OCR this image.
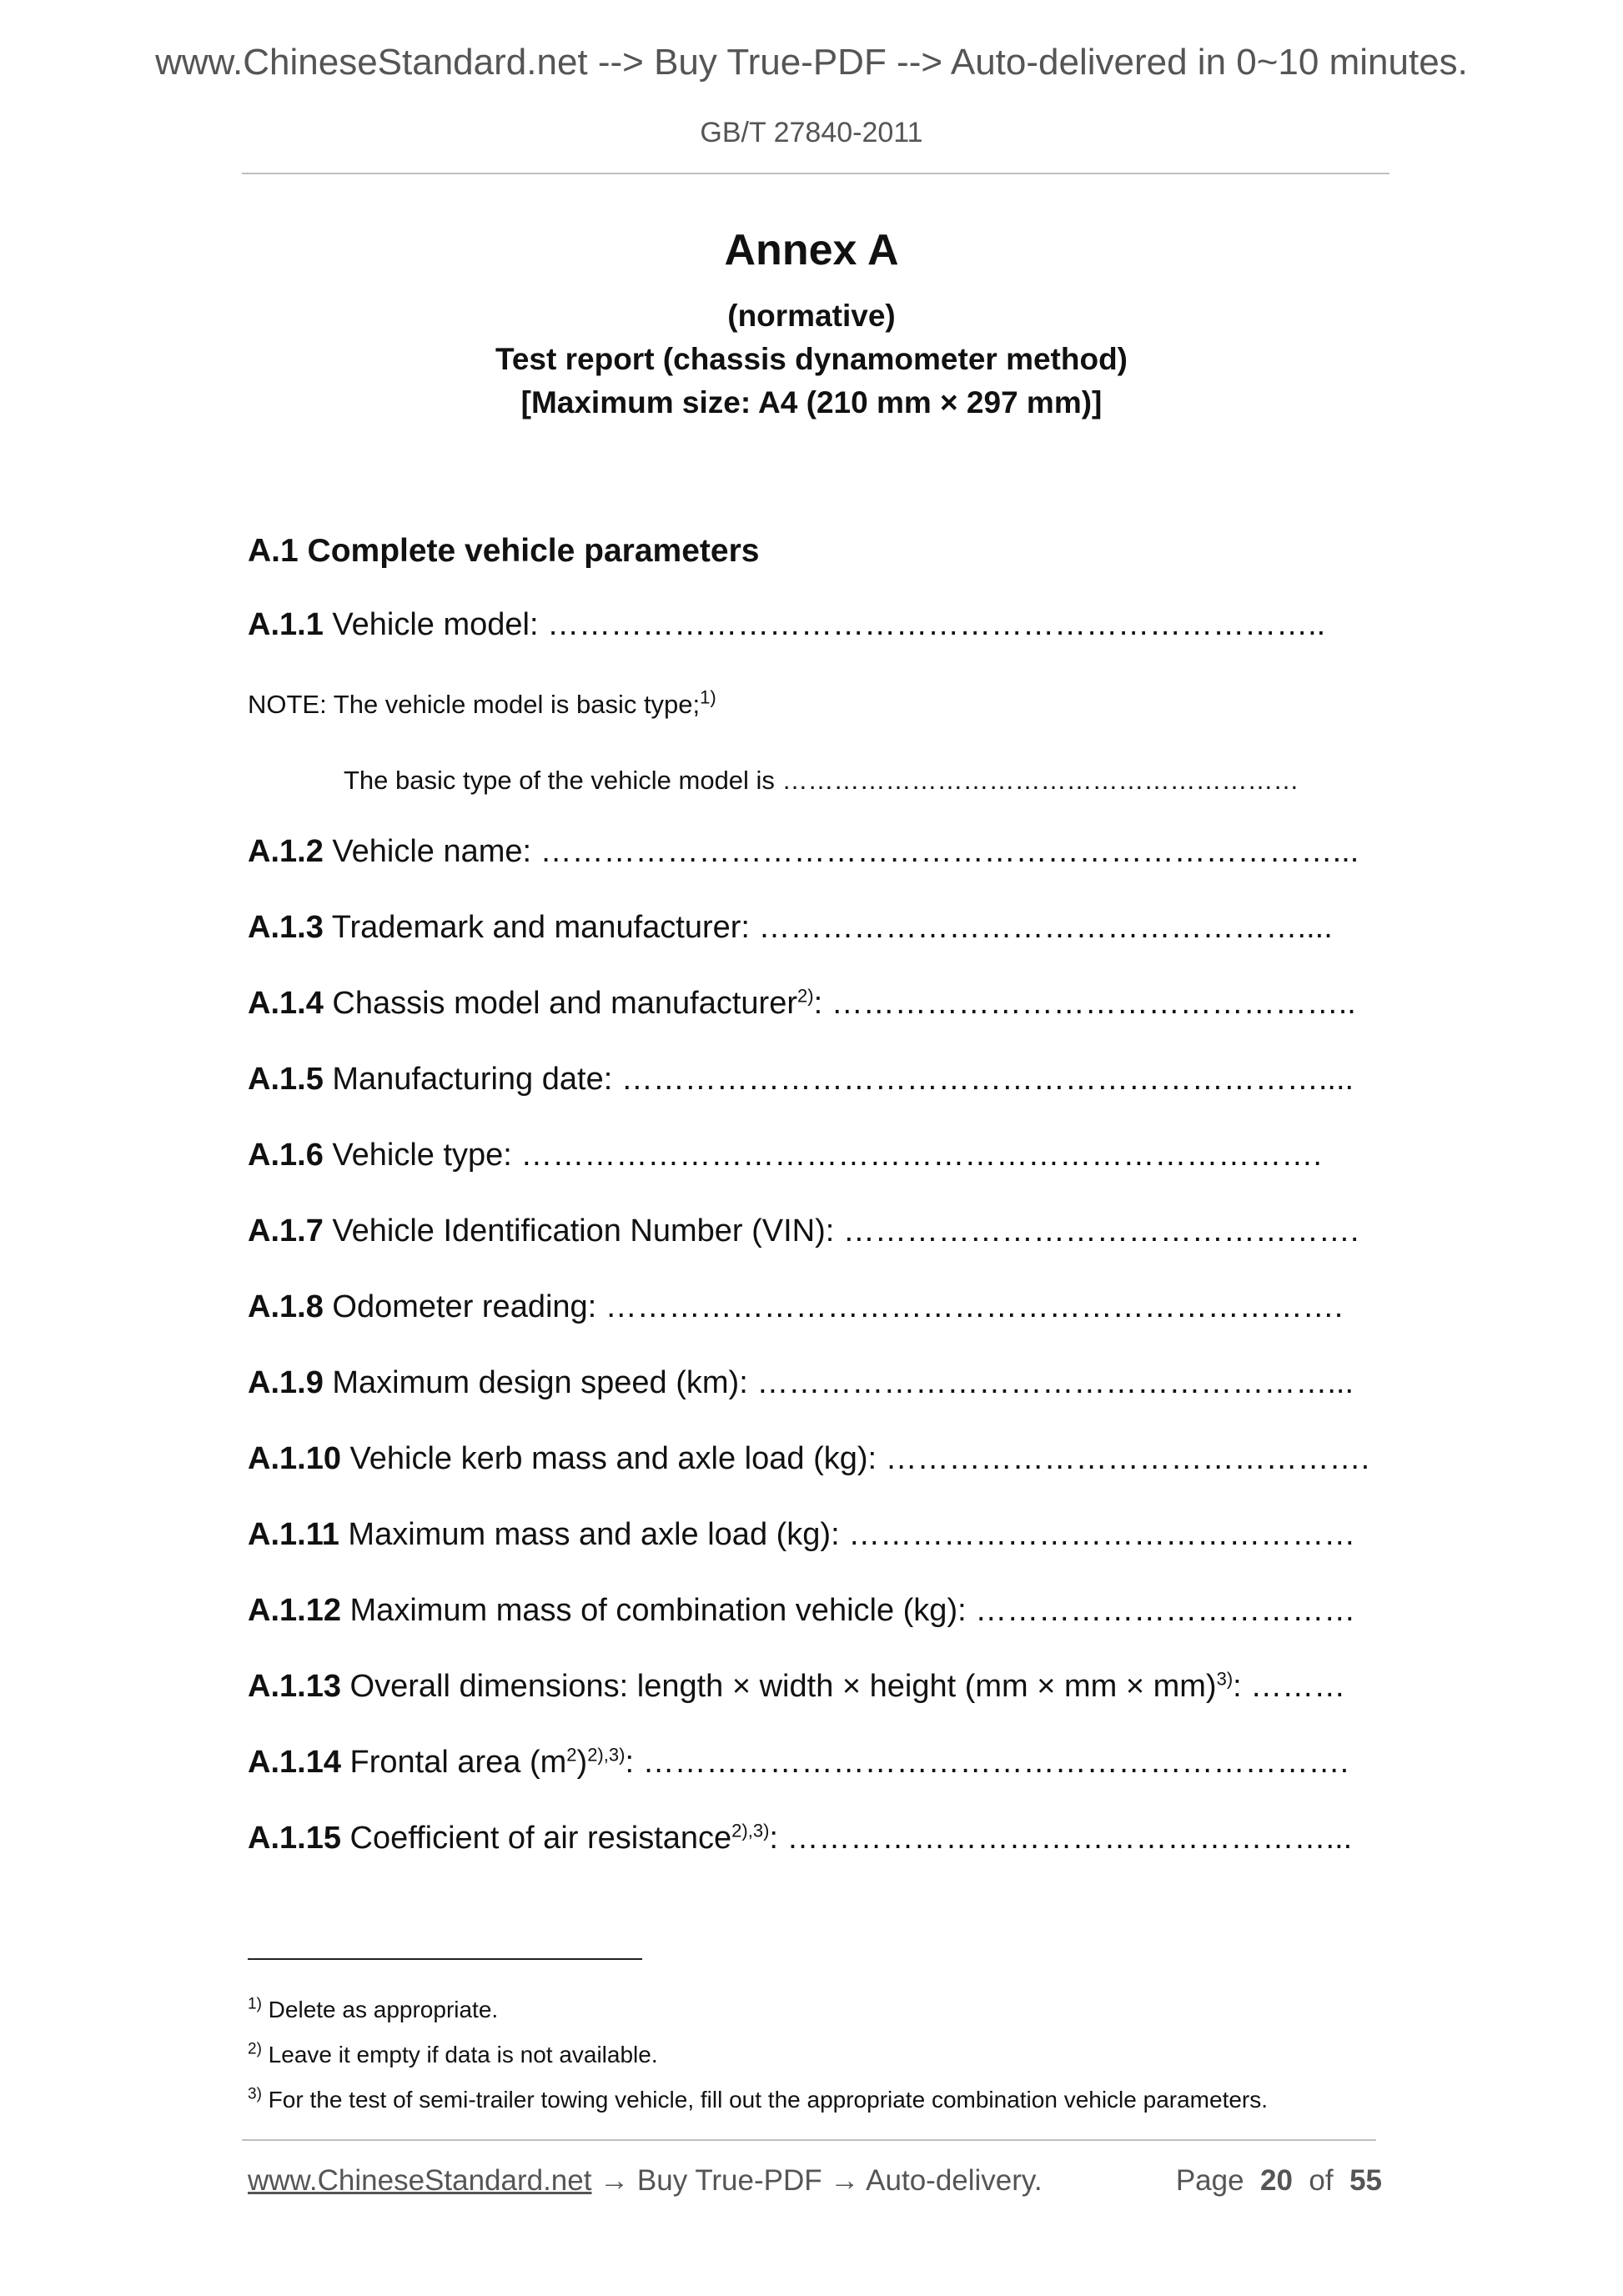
www.ChineseStandard.net --> Buy True-PDF --> Auto-delivered in 0~10 minutes.
GB/T 27840-2011
Annex A
(normative)
Test report (chassis dynamometer method)
[Maximum size: A4 (210 mm × 297 mm)]
A.1 Complete vehicle parameters
A.1.1 Vehicle model: ………………………………………………………………..
NOTE: The vehicle model is basic type;$^{1)}$
The basic type of the vehicle model is ……………………………………………………
A.1.2 Vehicle name: …………………………………………………………………...
A.1.3 Trademark and manufacturer: ……………………………………………....
A.1.4 Chassis model and manufacturer$^{2)}$: …………………………………………..
A.1.5 Manufacturing date: …………………………………………………………....
A.1.6 Vehicle type: ………………………………………………………………….
A.1.7 Vehicle Identification Number (VIN): ………………………………………….
A.1.8 Odometer reading: …………………………………………………………….
A.1.9 Maximum design speed (km): ………………………………………………...
A.1.10 Vehicle kerb mass and axle load (kg): ……………………………………….
A.1.11 Maximum mass and axle load (kg): …………………………………………
A.1.12 Maximum mass of combination vehicle (kg): ………………………………
A.1.13 Overall dimensions: length × width × height (mm × mm × mm)$^{3)}$: ………
A.1.14 Frontal area $(m^2)^{2),3)}$: ………………………………………………………….
A.1.15 Coefficient of air resistance$^{2),3)}$: ……………………………………………...
$^{1)}$ Delete as appropriate.
$^{2)}$ Leave it empty if data is not available.
$^{3)}$ For the test of semi-trailer towing vehicle, fill out the appropriate combination vehicle parameters.
www.ChineseStandard.net → Buy True-PDF → Auto-delivery.	Page 20 of 55
